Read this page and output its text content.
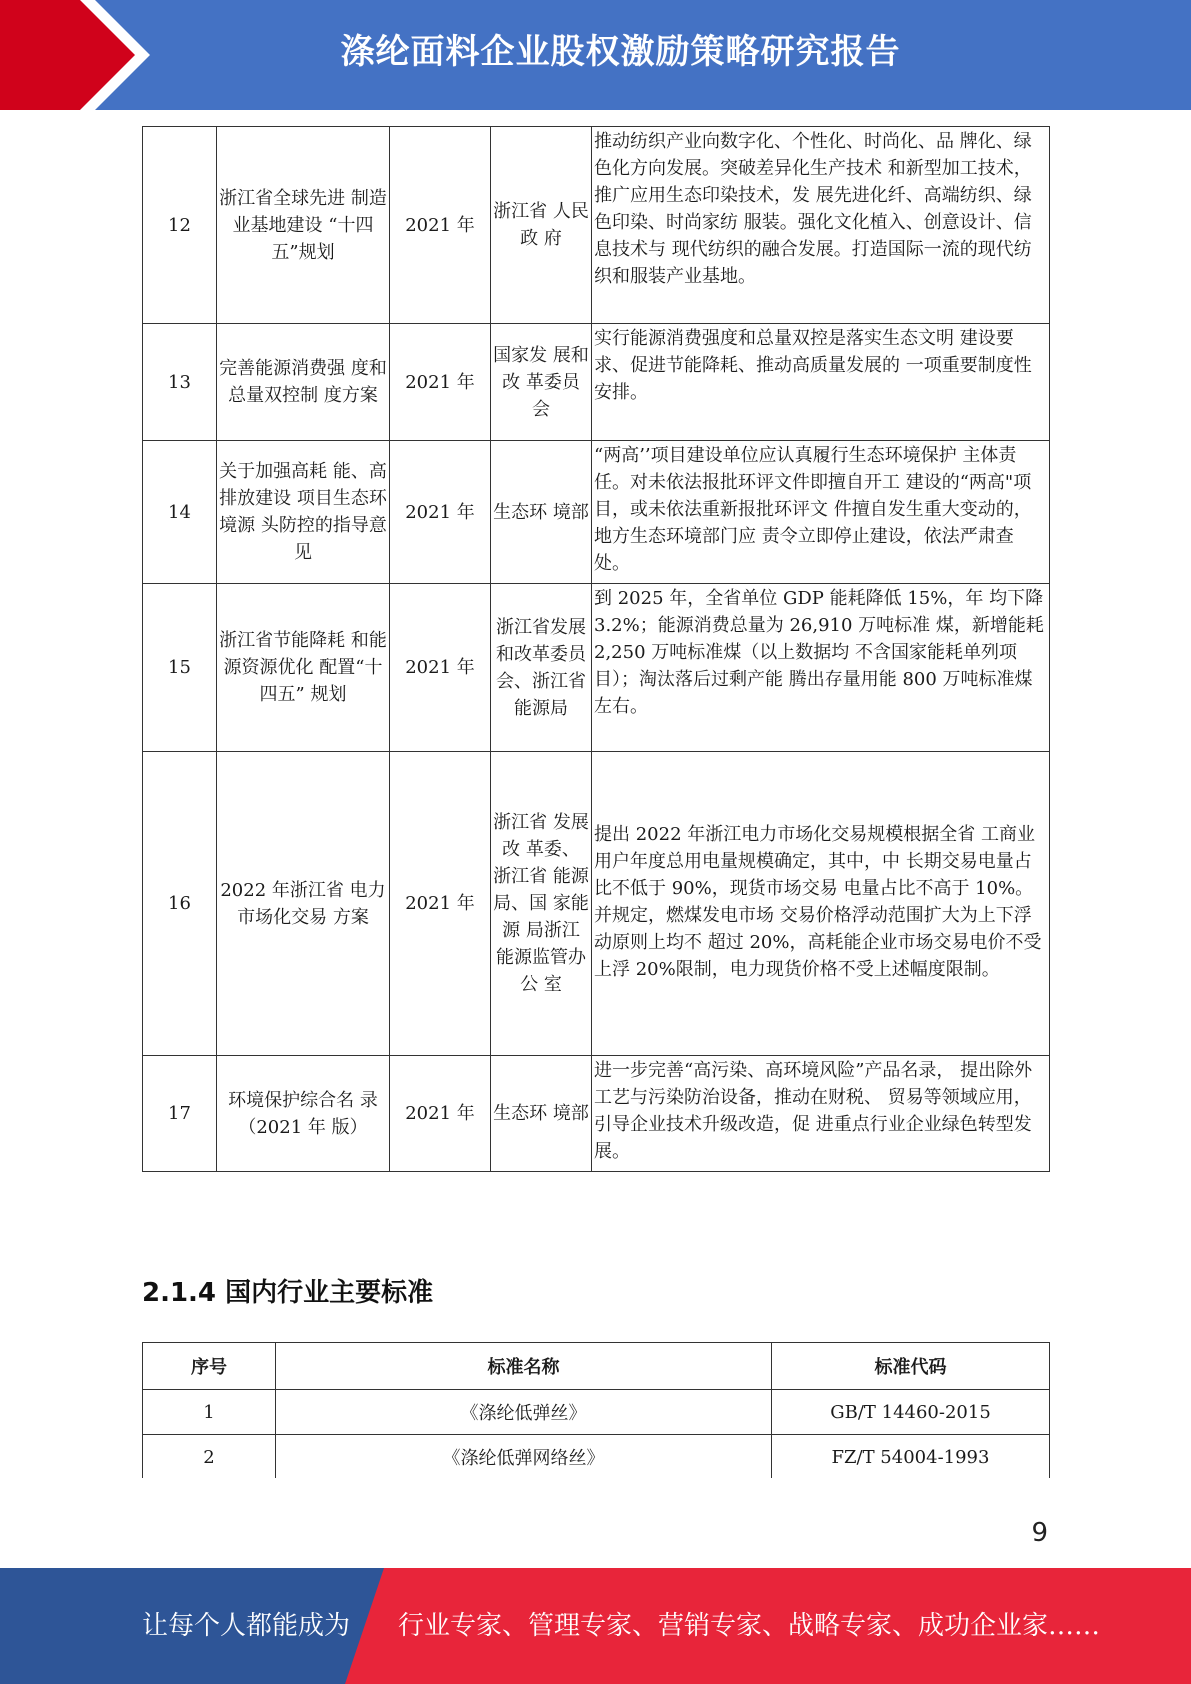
涤纶面料企业股权激励策略研究报告
12	浙江省全球先进 制造业基地建设 “十四五”规划	2021 年	浙江省 人民政 府	推动纺织产业向数字化、个性化、时尚化、品 牌化、绿色化方向发展。突破差异化生产技术 和新型加工技术，推广应用生态印染技术，发 展先进化纤、高端纺织、绿色印染、时尚家纺 服装。强化文化植入、创意设计、信息技术与 现代纺织的融合发展。打造国际一流的现代纺 织和服装产业基地。
13	完善能源消费强 度和总量双控制 度方案	2021 年	国家发 展和改 革委员 会	实行能源消费强度和总量双控是落实生态文明 建设要求、促进节能降耗、推动高质量发展的 一项重要制度性安排。
14	关于加强高耗 能、高排放建设 项目生态环境源 头防控的指导意 见	2021 年	生态环 境部	“两高’’项目建设单位应认真履行生态环境保护 主体责任。对未依法报批环评文件即擅自开工 建设的“两高"项目，或未依法重新报批环评文 件擅自发生重大变动的，地方生态环境部门应 责令立即停止建设，依法严肃查处。
15	浙江省节能降耗 和能源资源优化 配置“十四五” 规划	2021 年	浙江省发展和改革委员会、浙江省能源局	到 2025 年，全省单位 GDP 能耗降低 15%，年 均下降 3.2%；能源消费总量为 26,910 万吨标准 煤，新增能耗 2,250 万吨标准煤（以上数据均 不含国家能耗单列项目）；淘汰落后过剩产能 腾出存量用能 800 万吨标准煤左右。
16	2022 年浙江省 电力市场化交易 方案	2021 年	浙江省 发展改 革委、 浙江省 能源局、国 家能源 局浙江 能源监管办公 室	提出 2022 年浙江电力市场化交易规模根据全省 工商业用户年度总用电量规模确定，其中，中 长期交易电量占比不低于 90%，现货市场交易 电量占比不高于 10%。并规定，燃煤发电市场 交易价格浮动范围扩大为上下浮动原则上均不 超过 20%，高耗能企业市场交易电价不受上浮 20%限制，电力现货价格不受上述幅度限制。
17	环境保护综合名 录（2021 年 版）	2021 年	生态环 境部	进一步完善“高污染、高环境风险”产品名录， 提出除外工艺与污染防治设备，推动在财税、 贸易等领域应用，引导企业技术升级改造，促 进重点行业企业绿色转型发展。
2.1.4 国内行业主要标准
序号	标准名称	标准代码
1	《涤纶低弹丝》	GB/T 14460-2015
2	《涤纶低弹网络丝》	FZ/T 54004-1993
9
让每个人都能成为 行业专家、管理专家、营销专家、战略专家、成功企业家……
